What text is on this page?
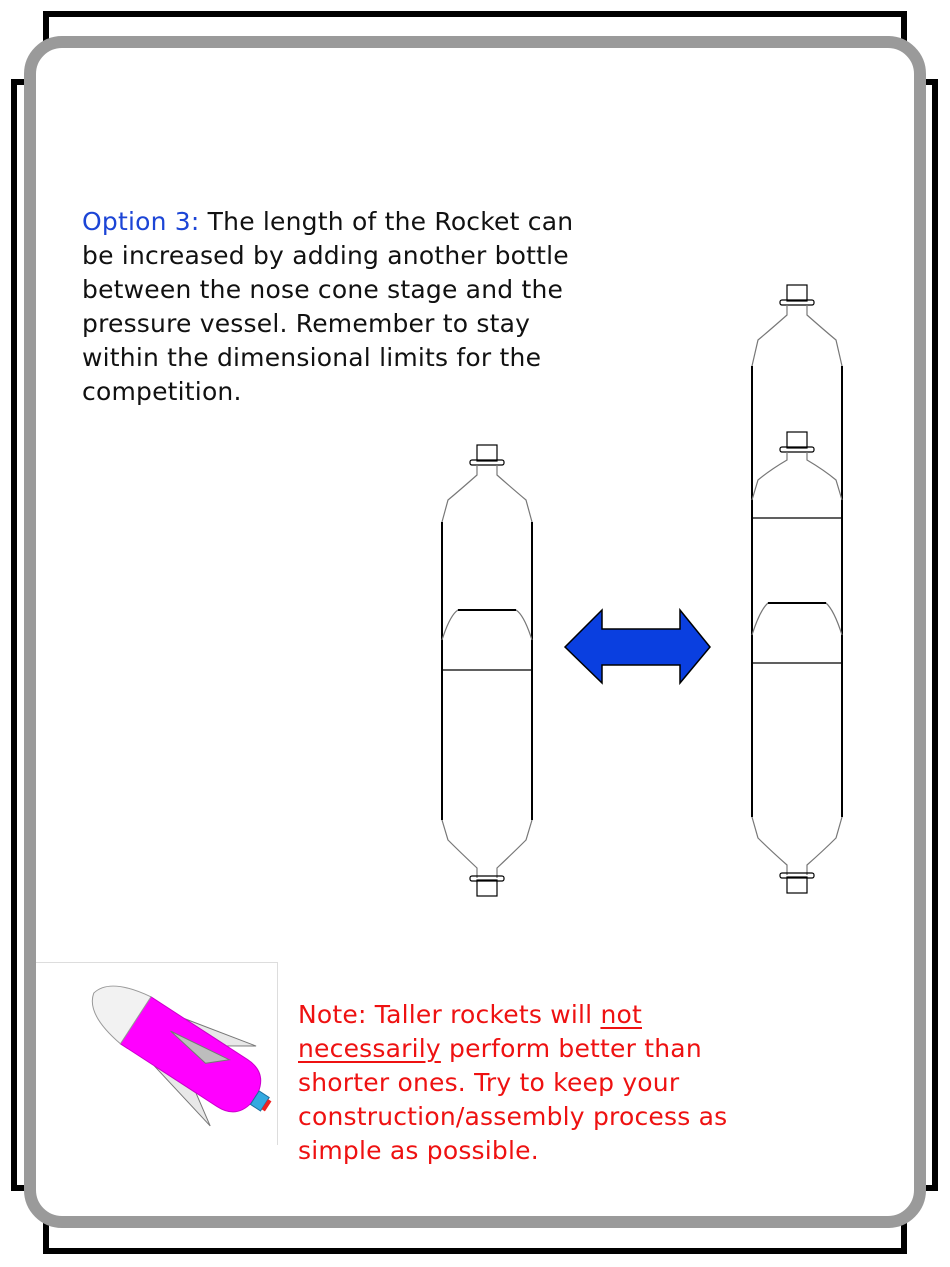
Option 3: The length of the Rocket can be increased by adding another bottle between the nose cone stage and the pressure vessel. Remember to stay within the dimensional limits for the competition.
Note: Taller rockets will not necessarily perform better than shorter ones. Try to keep your construction/assembly process as simple as possible.
